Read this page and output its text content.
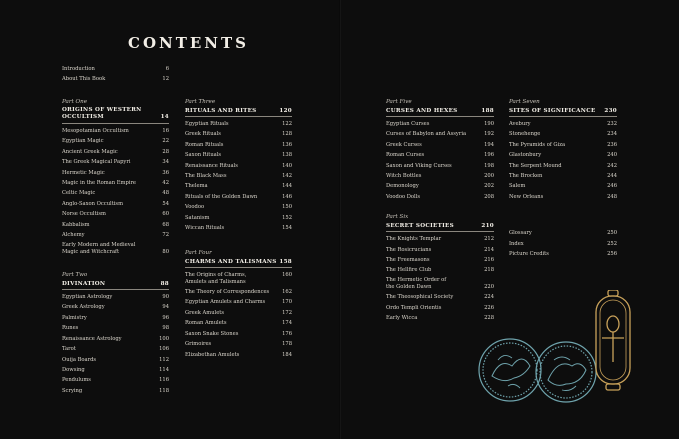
CONTENTS
Introduction	6
About This Book	12
Part One
ORIGINS OF WESTERN
OCCULTISM	14
Mesopotamian Occultism	16
Egyptian Magic	22
Ancient Greek Magic	28
The Greek Magical Papyri	34
Hermetic Magic	36
Magic in the Roman Empire	42
Celtic Magic	48
Anglo-Saxon Occultism	54
Norse Occultism	60
Kabbalism	68
Alchemy	72
Early Modern and Medieval Magic and Witchcraft	80
Part Two
DIVINATION	88
Egyptian Astrology	90
Greek Astrology	94
Palmistry	96
Runes	98
Renaissance Astrology	100
Tarot	106
Ouija Boards	112
Dowsing	114
Pendulums	116
Scrying	118
Part Three
RITUALS AND RITES	120
Egyptian Rituals	122
Greek Rituals	128
Roman Rituals	136
Saxon Rituals	138
Renaissance Rituals	140
The Black Mass	142
Thelema	144
Rituals of the Golden Dawn	146
Voodoo	150
Satanism	152
Wiccan Rituals	154
Part Four
CHARMS AND TALISMANS 158
The Origins of Charms, Amulets and Talismans
160
The Theory of Correspondences 162
Egyptian Amulets and Charms	170
Greek Amulets	172
Roman Amulets	174
Saxon Snake Stones	176
Grimoires	178
Elizabethan Amulets	184
Part Five
CURSES AND HEXES	188
Egyptian Curses	190
Curses of Babylon and Assyria	192
Greek Curses	194
Roman Curses	196
Saxon and Viking Curses	198
Witch Bottles	200
Demonology	202
Voodoo Dolls	208
Part Six
SECRET SOCIETIES	210
The Knights Templar	212
The Rosicrucians	214
The Freemasons	216
The Hellfire Club	218
The Hermetic Order of the Golden Dawn	220
The Theosophical Society	224
Ordo Templi Orientis	226
Early Wicca	228
Part Seven
SITES OF SIGNIFICANCE 230
Avebury	232
Stonehenge	234
The Pyramids of Giza	236
Glastonbury	240
The Serpent Mound	242
The Brocken	244
Salem	246
New Orleans	248
Glossary	250
Index	252
Picture Credits	256
